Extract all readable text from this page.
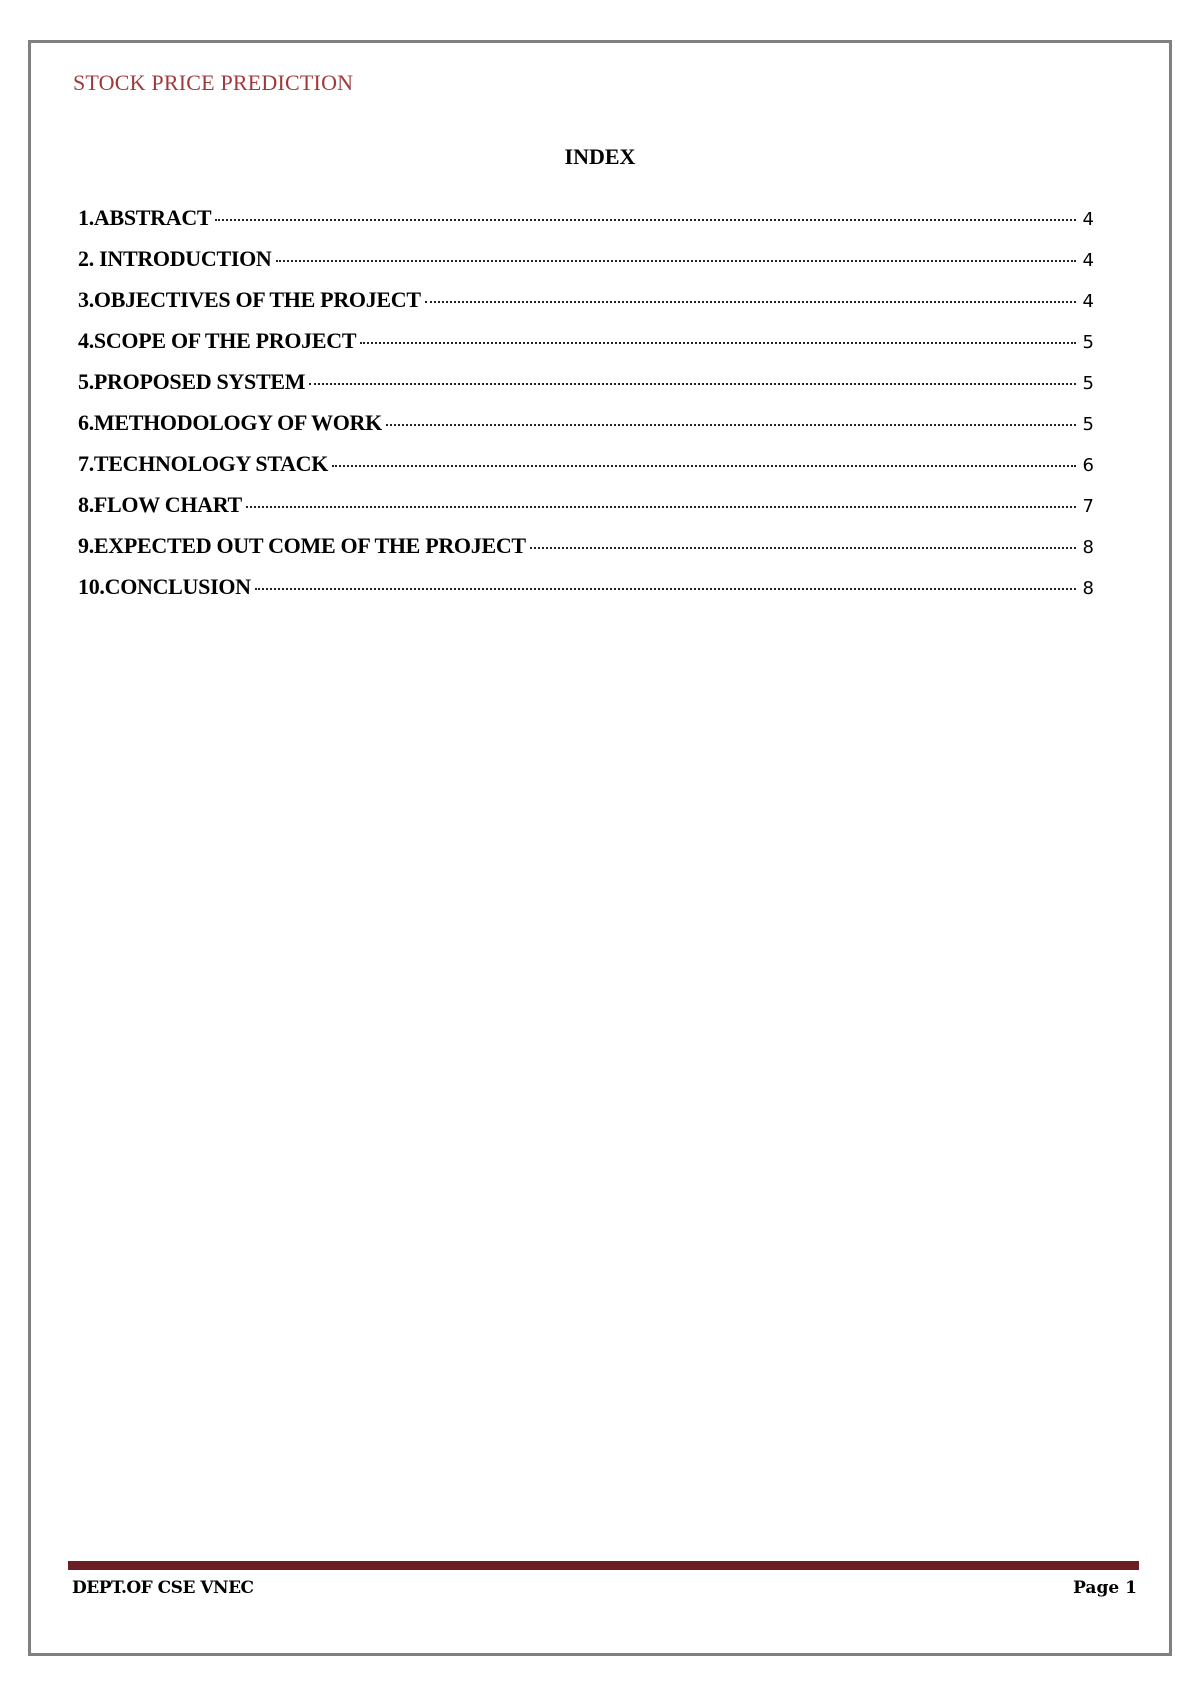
STOCK PRICE PREDICTION
INDEX
1.ABSTRACT	4
2. INTRODUCTION	4
3.OBJECTIVES OF THE PROJECT	4
4.SCOPE OF THE PROJECT	5
5.PROPOSED SYSTEM	5
6.METHODOLOGY OF WORK	5
7.TECHNOLOGY STACK	6
8.FLOW CHART	7
9.EXPECTED OUT COME OF THE PROJECT	8
10.CONCLUSION	8
DEPT.OF CSE VNEC	Page 1
